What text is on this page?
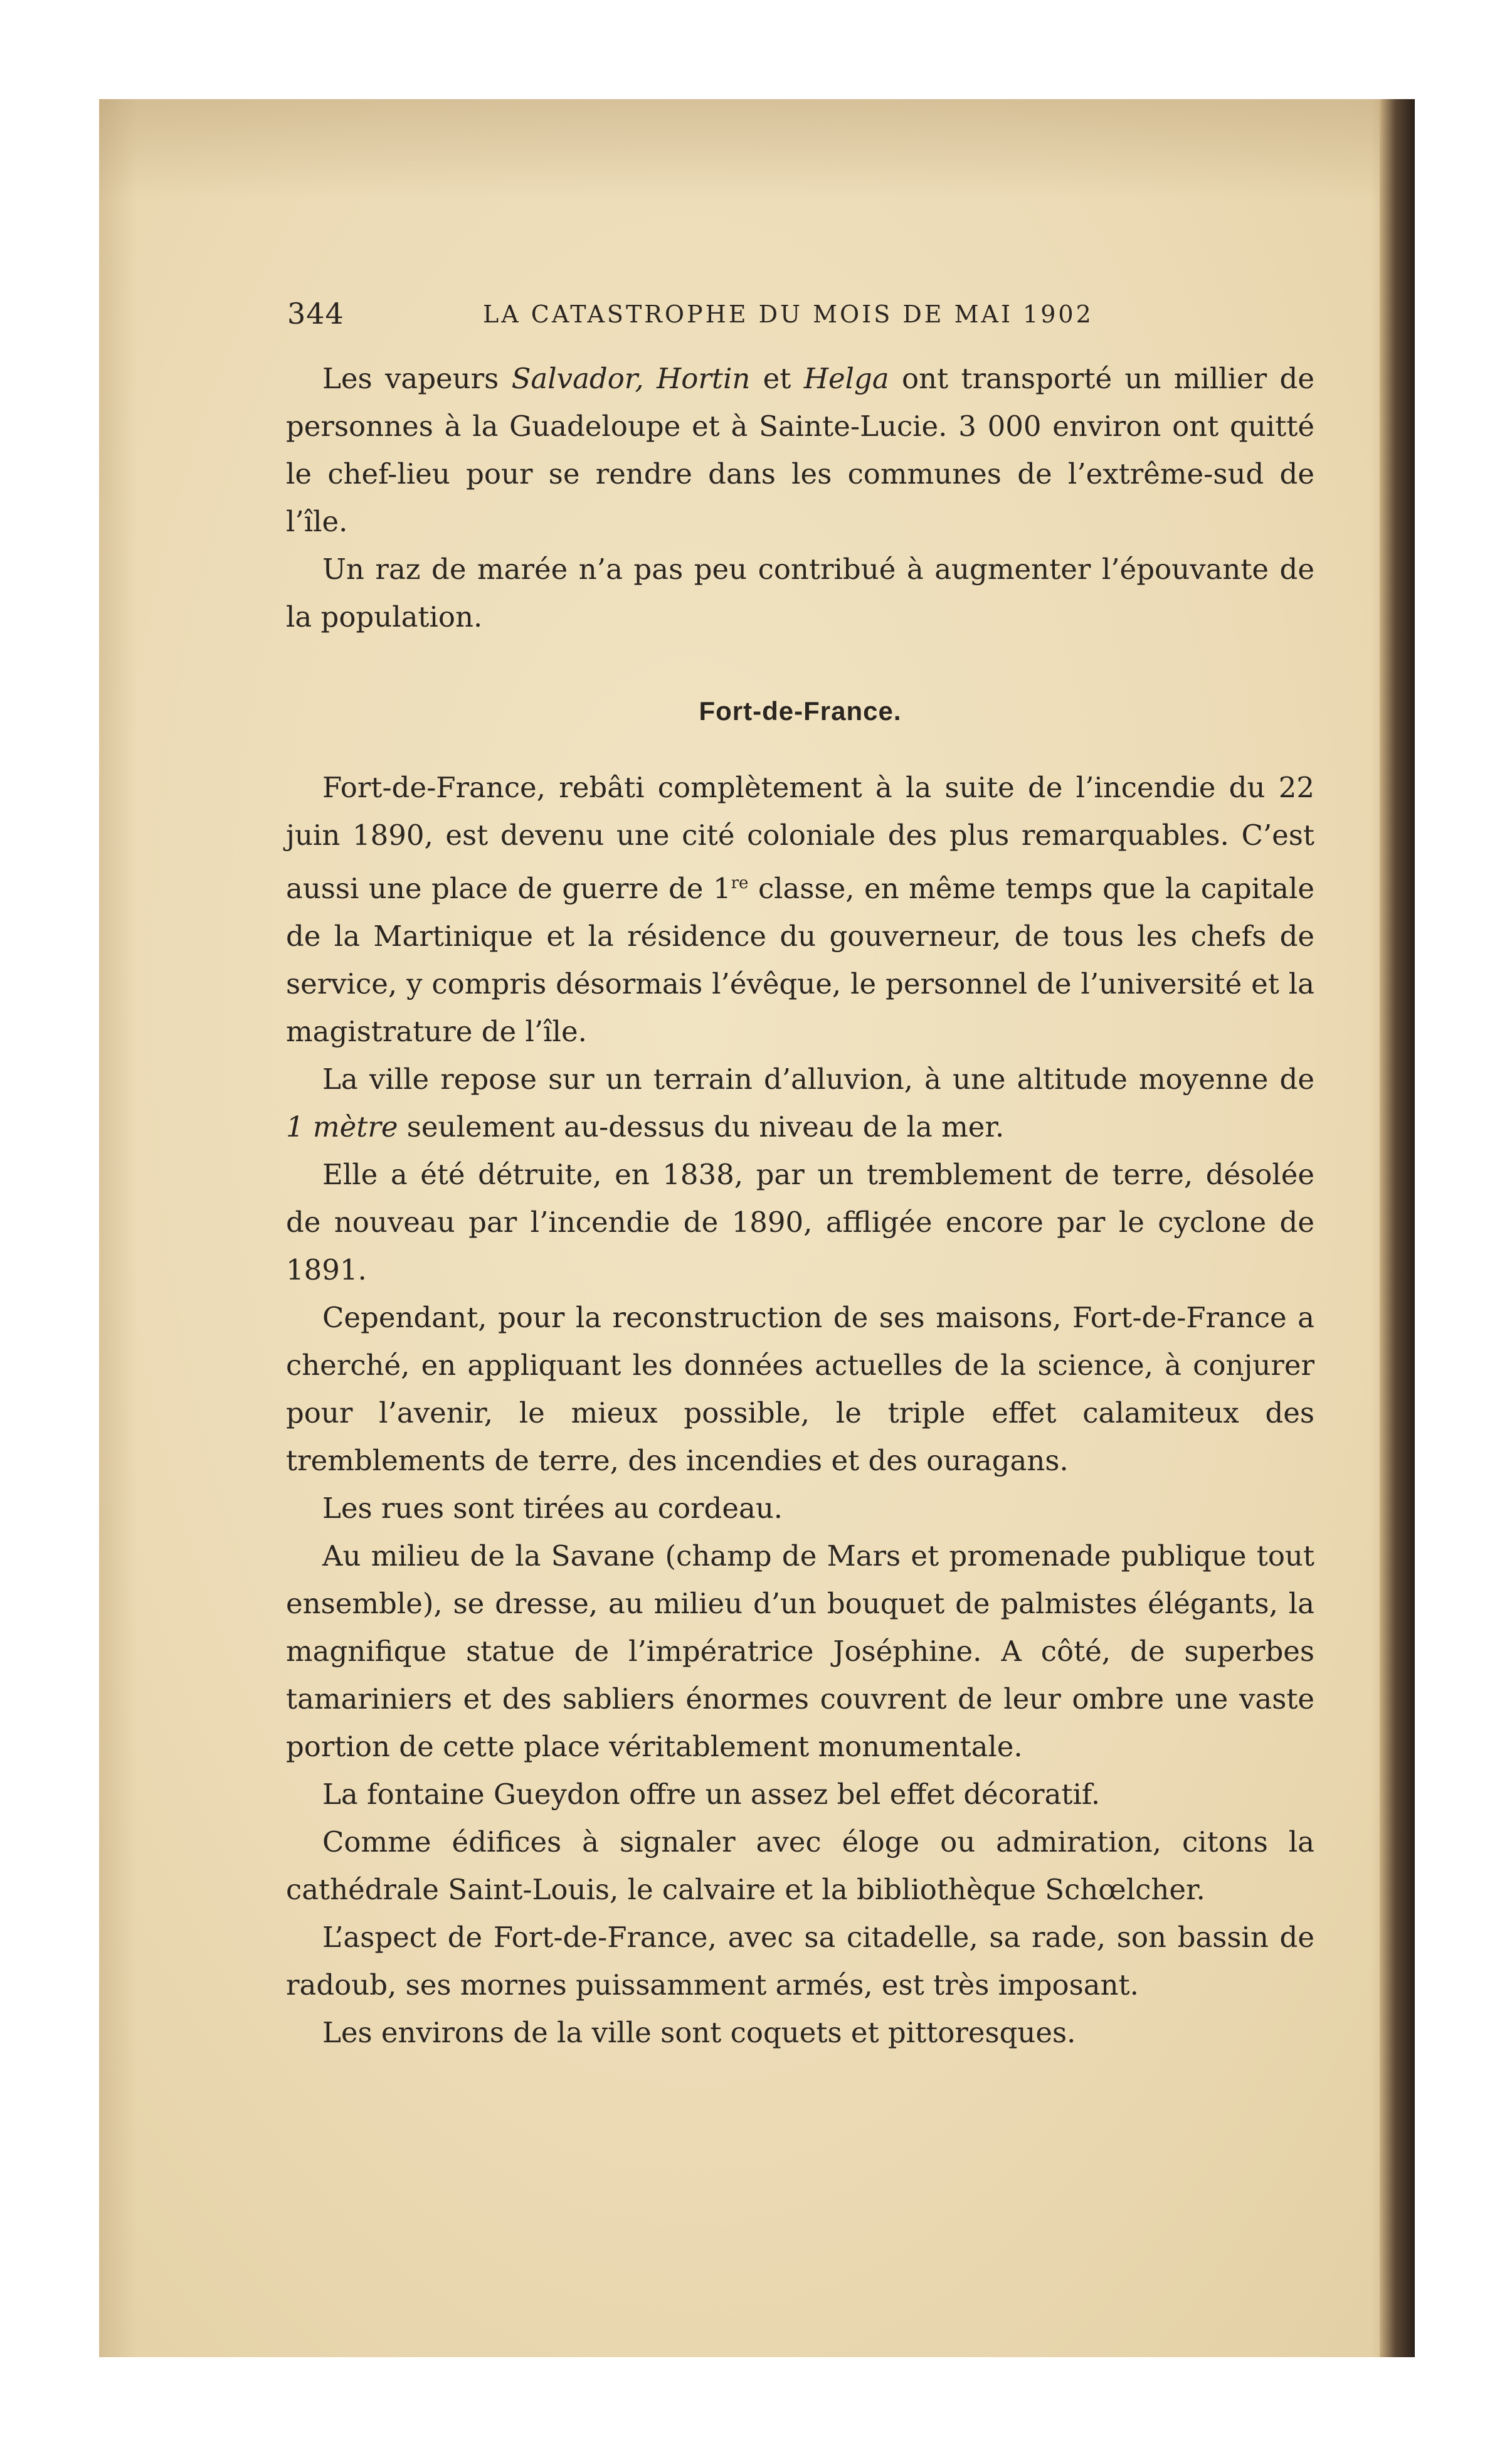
344	LA CATASTROPHE DU MOIS DE MAI 1902

Les vapeurs Salvador, Hortin et Helga ont transporté un millier de personnes à la Guadeloupe et à Sainte-Lucie. 3 000 environ ont quitté le chef-lieu pour se rendre dans les communes de l’extrême-sud de l’île.

Un raz de marée n’a pas peu contribué à augmenter l’épouvante de la population.

Fort-de-France.

Fort-de-France, rebâti complètement à la suite de l’incendie du 22 juin 1890, est devenu une cité coloniale des plus remarquables. C’est aussi une place de guerre de 1re classe, en même temps que la capitale de la Martinique et la résidence du gouverneur, de tous les chefs de service, y compris désormais l’évêque, le personnel de l’université et la magistrature de l’île.

La ville repose sur un terrain d’alluvion, à une altitude moyenne de 1 mètre seulement au-dessus du niveau de la mer.

Elle a été détruite, en 1838, par un tremblement de terre, désolée de nouveau par l’incendie de 1890, affligée encore par le cyclone de 1891.

Cependant, pour la reconstruction de ses maisons, Fort-de-France a cherché, en appliquant les données actuelles de la science, à conjurer pour l’avenir, le mieux possible, le triple effet calamiteux des tremblements de terre, des incendies et des ouragans.

Les rues sont tirées au cordeau.

Au milieu de la Savane (champ de Mars et promenade publique tout ensemble), se dresse, au milieu d’un bouquet de palmistes élégants, la magnifique statue de l’impératrice Joséphine. A côté, de superbes tamariniers et des sabliers énormes couvrent de leur ombre une vaste portion de cette place véritablement monumentale.

La fontaine Gueydon offre un assez bel effet décoratif.

Comme édifices à signaler avec éloge ou admiration, citons la cathédrale Saint-Louis, le calvaire et la bibliothèque Schœlcher.

L’aspect de Fort-de-France, avec sa citadelle, sa rade, son bassin de radoub, ses mornes puissamment armés, est très imposant.

Les environs de la ville sont coquets et pittoresques.
